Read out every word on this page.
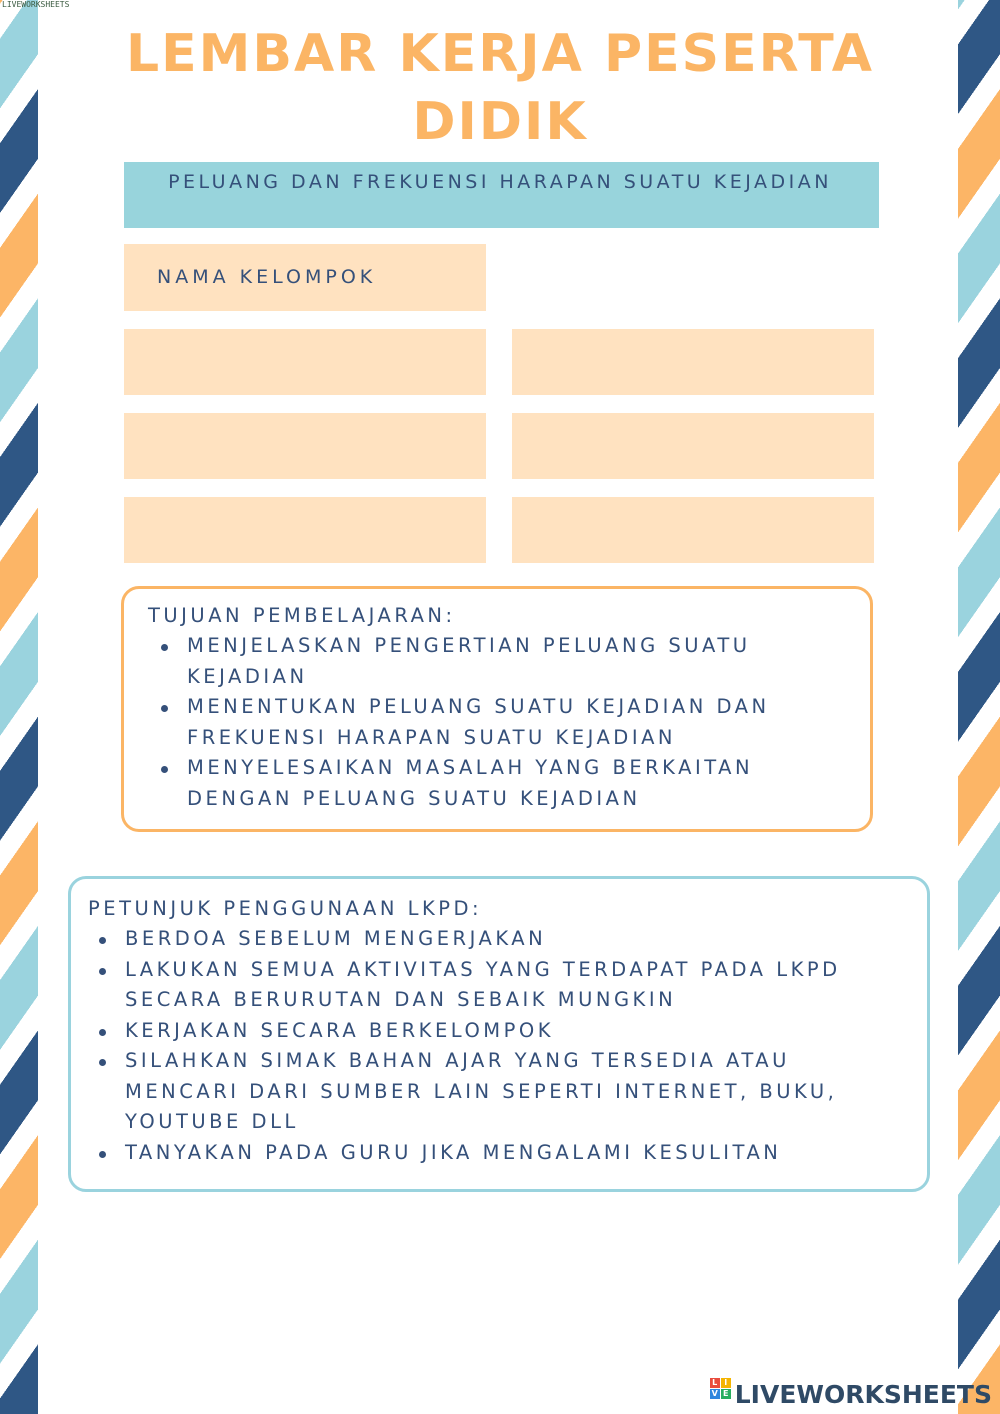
LIVEWORKSHEETS
LEMBAR KERJA PESERTA DIDIK
PELUANG DAN FREKUENSI HARAPAN SUATU KEJADIAN
NAMA KELOMPOK
TUJUAN PEMBELAJARAN:
MENJELASKAN PENGERTIAN PELUANG SUATU KEJADIAN
MENENTUKAN PELUANG SUATU KEJADIAN DAN FREKUENSI HARAPAN SUATU KEJADIAN
MENYELESAIKAN MASALAH YANG BERKAITAN DENGAN PELUANG SUATU KEJADIAN
PETUNJUK PENGGUNAAN LKPD:
BERDOA SEBELUM MENGERJAKAN
LAKUKAN SEMUA AKTIVITAS YANG TERDAPAT PADA LKPD SECARA BERURUTAN DAN SEBAIK MUNGKIN
KERJAKAN SECARA BERKELOMPOK
SILAHKAN SIMAK BAHAN AJAR YANG TERSEDIA ATAU MENCARI DARI SUMBER LAIN SEPERTI INTERNET, BUKU, YOUTUBE DLL
TANYAKAN PADA GURU JIKA MENGALAMI KESULITAN
L I
V E LIVEWORKSHEETS
